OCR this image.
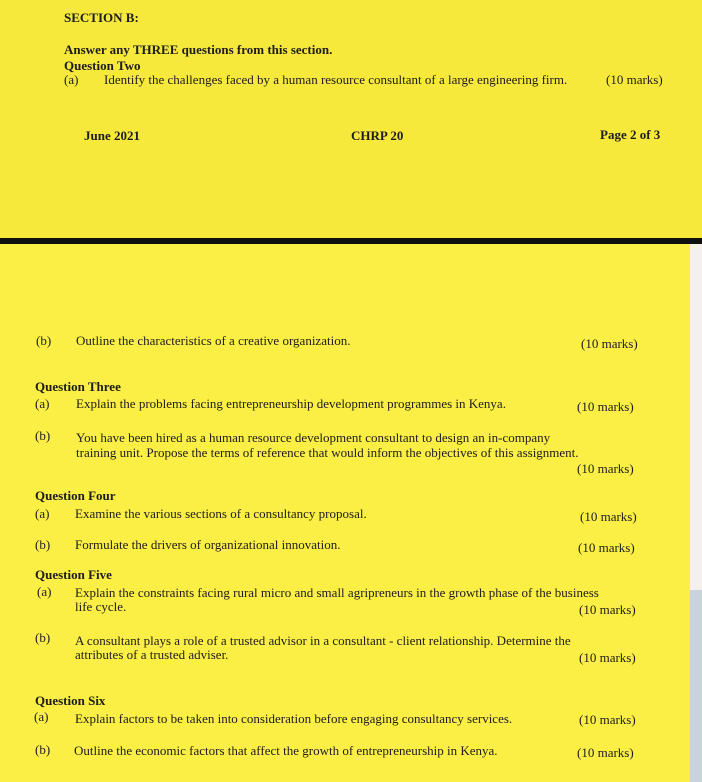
SECTION B:
Answer any THREE questions from this section.
Question Two
(a) Identify the challenges faced by a human resource consultant of a large engineering firm.	(10 marks)
June 2021	CHRP 20	Page 2 of 3
(b) Outline the characteristics of a creative organization.	(10 marks)
Question Three
(a) Explain the problems facing entrepreneurship development programmes in Kenya.	(10 marks)
(b) You have been hired as a human resource development consultant to design an in-company
training unit. Propose the terms of reference that would inform the objectives of this assignment.
(10 marks)
Question Four
(a) Examine the various sections of a consultancy proposal.	(10 marks)
(b) Formulate the drivers of organizational innovation.	(10 marks)
Question Five
(a) Explain the constraints facing rural micro and small agripreneurs in the growth phase of the business
life cycle.	(10 marks)
(b) A consultant plays a role of a trusted advisor in a consultant - client relationship. Determine the
attributes of a trusted adviser.	(10 marks)
Question Six
(a) Explain factors to be taken into consideration before engaging consultancy services.	(10 marks)
(b) Outline the economic factors that affect the growth of entrepreneurship in Kenya.	(10 marks)
